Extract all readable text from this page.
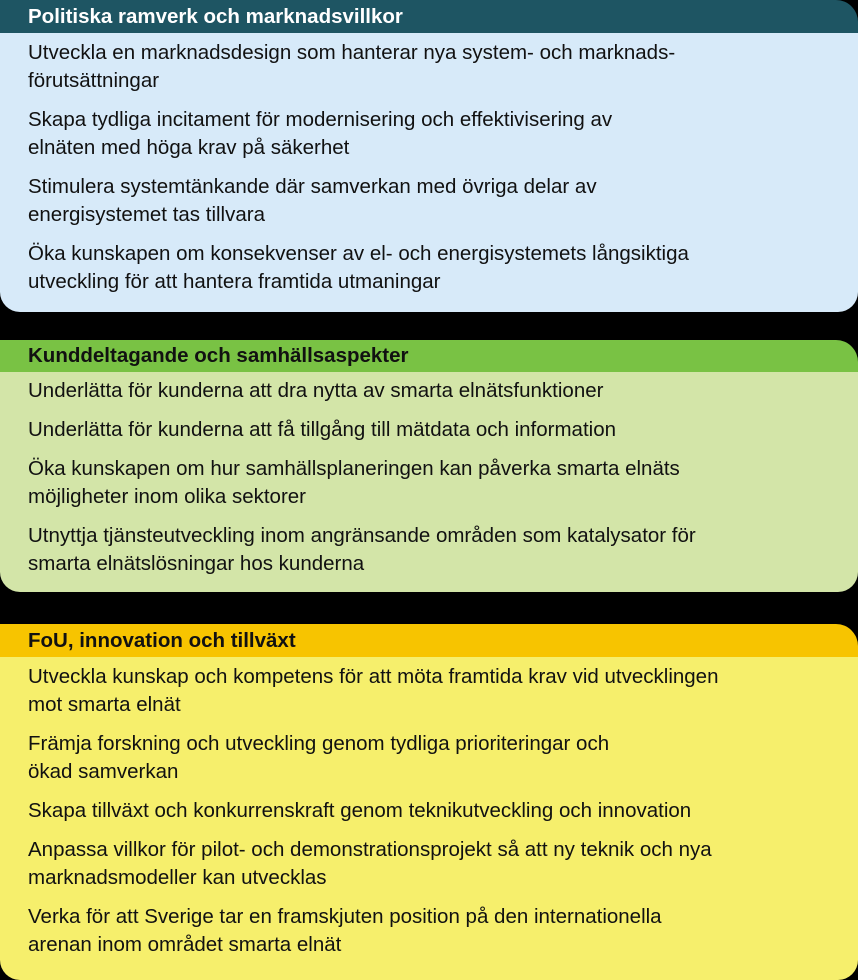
Politiska ramverk och marknadsvillkor
Utveckla en marknadsdesign som hanterar nya system- och marknads-
förutsättningar
Skapa tydliga incitament för modernisering och effektivisering av
elnäten med höga krav på säkerhet
Stimulera systemtänkande där samverkan med övriga delar av
energisystemet tas tillvara
Öka kunskapen om konsekvenser av el- och energisystemets långsiktiga
utveckling för att hantera framtida utmaningar
Kunddeltagande och samhällsaspekter
Underlätta för kunderna att dra nytta av smarta elnätsfunktioner
Underlätta för kunderna att få tillgång till mätdata och information
Öka kunskapen om hur samhällsplaneringen kan påverka smarta elnäts
möjligheter inom olika sektorer
Utnyttja tjänsteutveckling inom angränsande områden som katalysator för
smarta elnätslösningar hos kunderna
FoU, innovation och tillväxt
Utveckla kunskap och kompetens för att möta framtida krav vid utvecklingen
mot smarta elnät
Främja forskning och utveckling genom tydliga prioriteringar och
ökad samverkan
Skapa tillväxt och konkurrenskraft genom teknikutveckling och innovation
Anpassa villkor för pilot- och demonstrationsprojekt så att ny teknik och nya
marknadsmodeller kan utvecklas
Verka för att Sverige tar en framskjuten position på den internationella
arenan inom området smarta elnät
